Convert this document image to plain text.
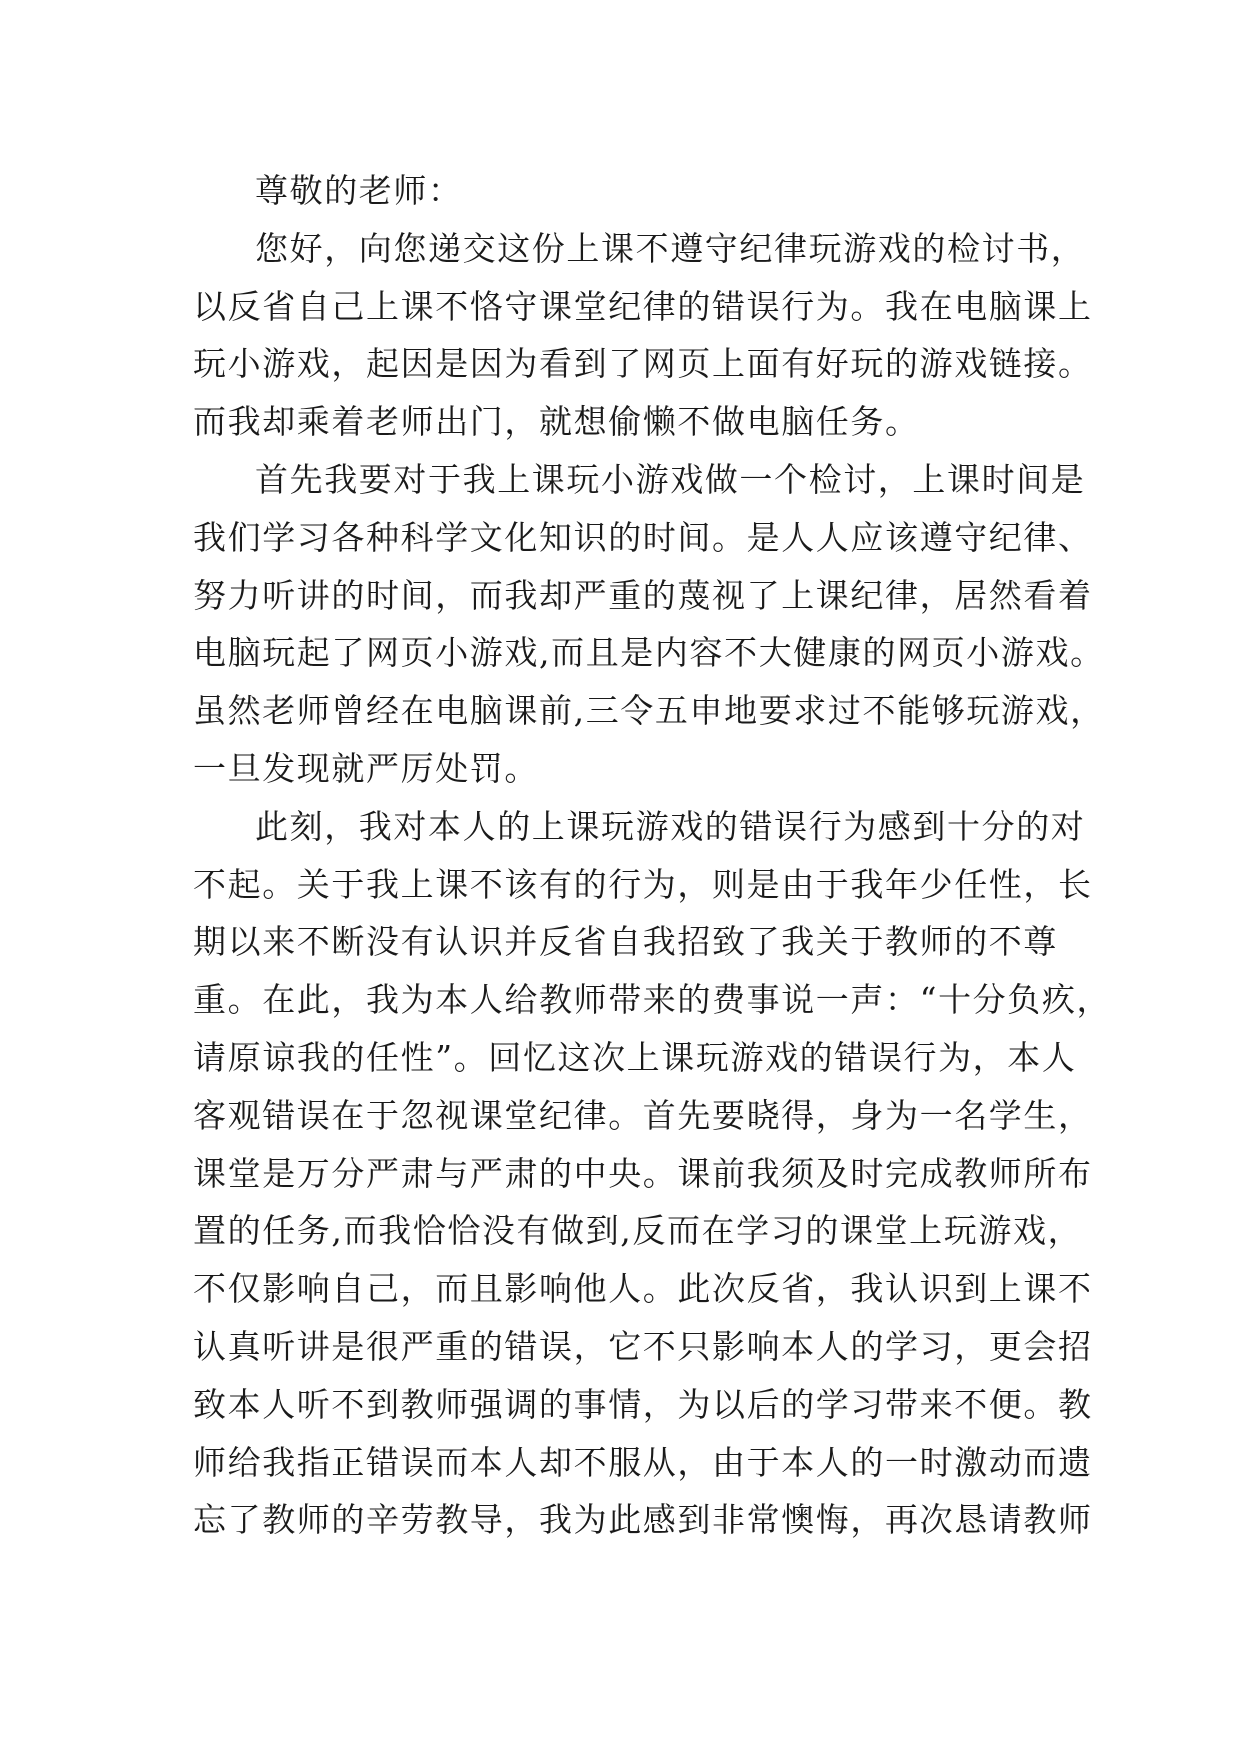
尊敬的老师：
您好，向您递交这份上课不遵守纪律玩游戏的检讨书，
以反省自己上课不恪守课堂纪律的错误行为。我在电脑课上
玩小游戏，起因是因为看到了网页上面有好玩的游戏链接。
而我却乘着老师出门，就想偷懒不做电脑任务。
首先我要对于我上课玩小游戏做一个检讨，上课时间是
我们学习各种科学文化知识的时间。是人人应该遵守纪律、
努力听讲的时间，而我却严重的蔑视了上课纪律，居然看着
电脑玩起了网页小游戏,而且是内容不大健康的网页小游戏。
虽然老师曾经在电脑课前,三令五申地要求过不能够玩游戏，
一旦发现就严厉处罚。
此刻，我对本人的上课玩游戏的错误行为感到十分的对
不起。关于我上课不该有的行为，则是由于我年少任性，长
期以来不断没有认识并反省自我招致了我关于教师的不尊
重。在此，我为本人给教师带来的费事说一声：“十分负疚，
请原谅我的任性”。回忆这次上课玩游戏的错误行为，本人
客观错误在于忽视课堂纪律。首先要晓得，身为一名学生，
课堂是万分严肃与严肃的中央。课前我须及时完成教师所布
置的任务,而我恰恰没有做到,反而在学习的课堂上玩游戏，
不仅影响自己，而且影响他人。此次反省，我认识到上课不
认真听讲是很严重的错误，它不只影响本人的学习，更会招
致本人听不到教师强调的事情，为以后的学习带来不便。教
师给我指正错误而本人却不服从，由于本人的一时激动而遗
忘了教师的辛劳教导，我为此感到非常懊悔，再次恳请教师
